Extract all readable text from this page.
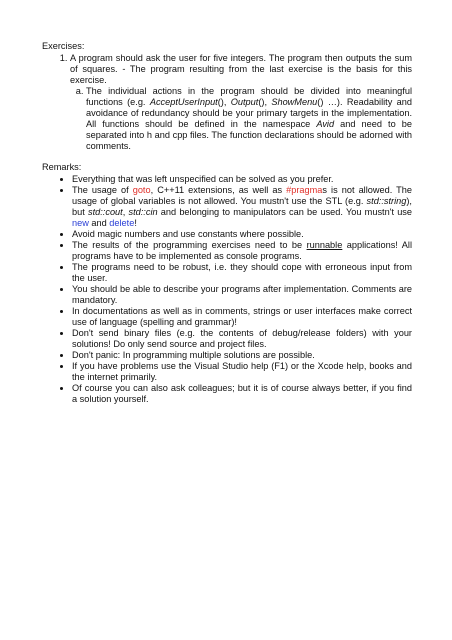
Exercises:

1. A program should ask the user for five integers. The program then outputs the sum of squares. - The program resulting from the last exercise is the basis for this exercise.
a. The individual actions in the program should be divided into meaningful functions (e.g. AcceptUserInput(), Output(), ShowMenu() …). Readability and avoidance of redundancy should be your primary targets in the implementation. All functions should be defined in the namespace Avid and need to be separated into h and cpp files. The function declarations should be adorned with comments.

Remarks:

• Everything that was left unspecified can be solved as you prefer.
• The usage of goto, C++11 extensions, as well as #pragmas is not allowed. The usage of global variables is not allowed. You mustn't use the STL (e.g. std::string), but std::cout, std::cin and belonging to manipulators can be used. You mustn't use new and delete!
• Avoid magic numbers and use constants where possible.
• The results of the programming exercises need to be runnable applications! All programs have to be implemented as console programs.
• The programs need to be robust, i.e. they should cope with erroneous input from the user.
• You should be able to describe your programs after implementation. Comments are mandatory.
• In documentations as well as in comments, strings or user interfaces make correct use of language (spelling and grammar)!
• Don't send binary files (e.g. the contents of debug/release folders) with your solutions! Do only send source and project files.
• Don't panic: In programming multiple solutions are possible.
• If you have problems use the Visual Studio help (F1) or the Xcode help, books and the internet primarily.
• Of course you can also ask colleagues; but it is of course always better, if you find a solution yourself.
